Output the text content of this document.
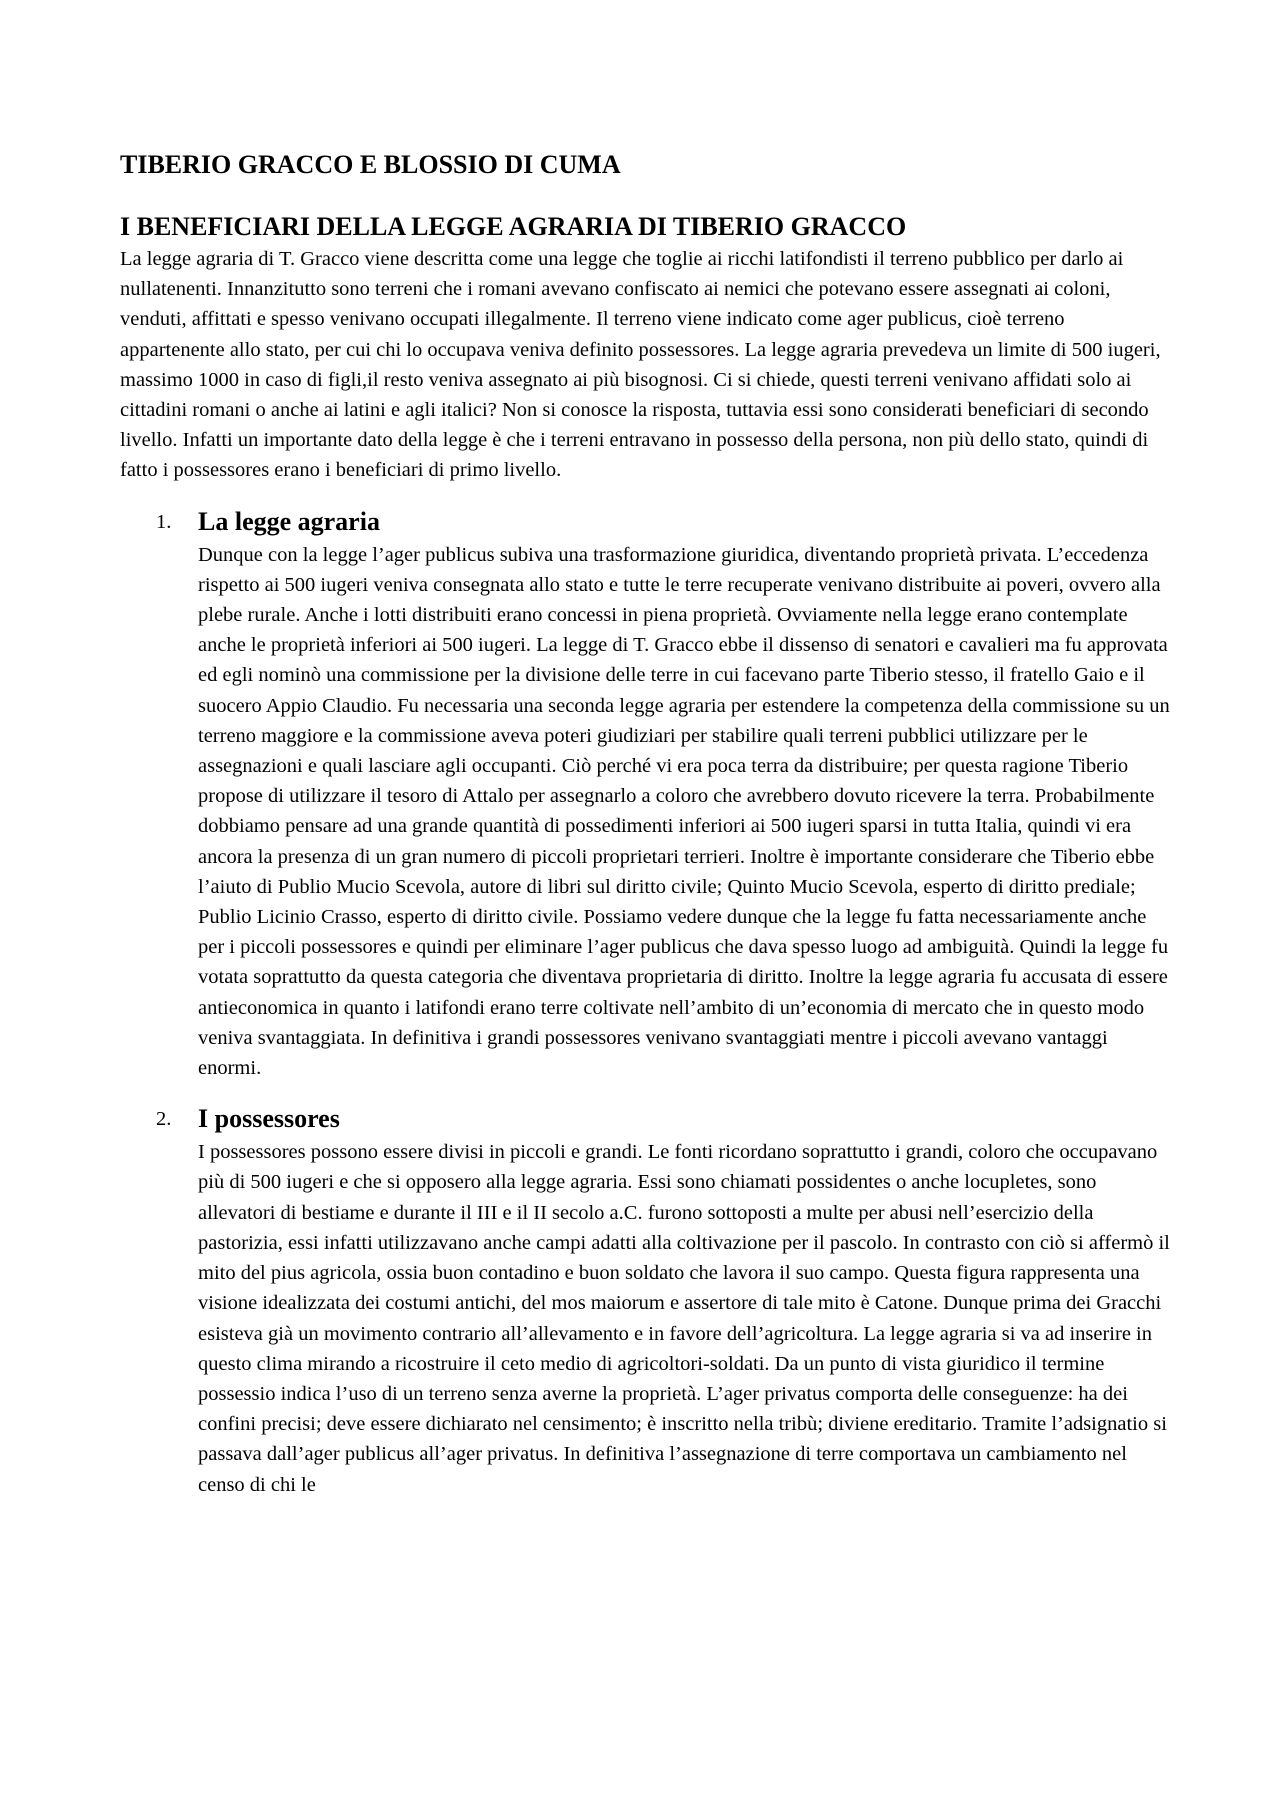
TIBERIO GRACCO E BLOSSIO DI CUMA
I BENEFICIARI DELLA LEGGE AGRARIA DI TIBERIO GRACCO

La legge agraria di T. Gracco viene descritta come una legge che toglie ai ricchi latifondisti il terreno pubblico per darlo ai nullatenenti. Innanzitutto sono terreni che i romani avevano confiscato ai nemici che potevano essere assegnati ai coloni, venduti, affittati e spesso venivano occupati illegalmente. Il terreno viene indicato come ager publicus, cioè terreno appartenente allo stato, per cui chi lo occupava veniva definito possessores. La legge agraria prevedeva un limite di 500 iugeri, massimo 1000 in caso di figli,il resto veniva assegnato ai più bisognosi. Ci si chiede, questi terreni venivano affidati solo ai cittadini romani o anche ai latini e agli italici? Non si conosce la risposta, tuttavia essi sono considerati beneficiari di secondo livello. Infatti un importante dato della legge è che i terreni entravano in possesso della persona, non più dello stato, quindi di fatto i possessores erano i beneficiari di primo livello.

1. La legge agraria

Dunque con la legge l’ager publicus subiva una trasformazione giuridica, diventando proprietà privata. L’eccedenza rispetto ai 500 iugeri veniva consegnata allo stato e tutte le terre recuperate venivano distribuite ai poveri, ovvero alla plebe rurale. Anche i lotti distribuiti erano concessi in piena proprietà. Ovviamente nella legge erano contemplate anche le proprietà inferiori ai 500 iugeri. La legge di T. Gracco ebbe il dissenso di senatori e cavalieri ma fu approvata ed egli nominò una commissione per la divisione delle terre in cui facevano parte Tiberio stesso, il fratello Gaio e il suocero Appio Claudio. Fu necessaria una seconda legge agraria per estendere la competenza della commissione su un terreno maggiore e la commissione aveva poteri giudiziari per stabilire quali terreni pubblici utilizzare per le assegnazioni e quali lasciare agli occupanti. Ciò perché vi era poca terra da distribuire; per questa ragione Tiberio propose di utilizzare il tesoro di Attalo per assegnarlo a coloro che avrebbero dovuto ricevere la terra. Probabilmente dobbiamo pensare ad una grande quantità di possedimenti inferiori ai 500 iugeri sparsi in tutta Italia, quindi vi era ancora la presenza di un gran numero di piccoli proprietari terrieri. Inoltre è importante considerare che Tiberio ebbe l’aiuto di Publio Mucio Scevola, autore di libri sul diritto civile; Quinto Mucio Scevola, esperto di diritto prediale; Publio Licinio Crasso, esperto di diritto civile. Possiamo vedere dunque che la legge fu fatta necessariamente anche per i piccoli possessores e quindi per eliminare l’ager publicus che dava spesso luogo ad ambiguità. Quindi la legge fu votata soprattutto da questa categoria che diventava proprietaria di diritto. Inoltre la legge agraria fu accusata di essere antieconomica in quanto i latifondi erano terre coltivate nell’ambito di un’economia di mercato che in questo modo veniva svantaggiata. In definitiva i grandi possessores venivano svantaggiati mentre i piccoli avevano vantaggi enormi.

2. I possessores

I possessores possono essere divisi in piccoli e grandi. Le fonti ricordano soprattutto i grandi, coloro che occupavano più di 500 iugeri e che si opposero alla legge agraria. Essi sono chiamati possidentes o anche locupletes, sono allevatori di bestiame e durante il III e il II secolo a.C. furono sottoposti a multe per abusi nell’esercizio della pastorizia, essi infatti utilizzavano anche campi adatti alla coltivazione per il pascolo. In contrasto con ciò si affermò il mito del pius agricola, ossia buon contadino e buon soldato che lavora il suo campo. Questa figura rappresenta una visione idealizzata dei costumi antichi, del mos maiorum e assertore di tale mito è Catone. Dunque prima dei Gracchi esisteva già un movimento contrario all’allevamento e in favore dell’agricoltura. La legge agraria si va ad inserire in questo clima mirando a ricostruire il ceto medio di agricoltori-soldati. Da un punto di vista giuridico il termine possessio indica l’uso di un terreno senza averne la proprietà. L’ager privatus comporta delle conseguenze: ha dei confini precisi; deve essere dichiarato nel censimento; è inscritto nella tribù; diviene ereditario. Tramite l’adsignatio si passava dall’ager publicus all’ager privatus. In definitiva l’assegnazione di terre comportava un cambiamento nel censo di chi le
